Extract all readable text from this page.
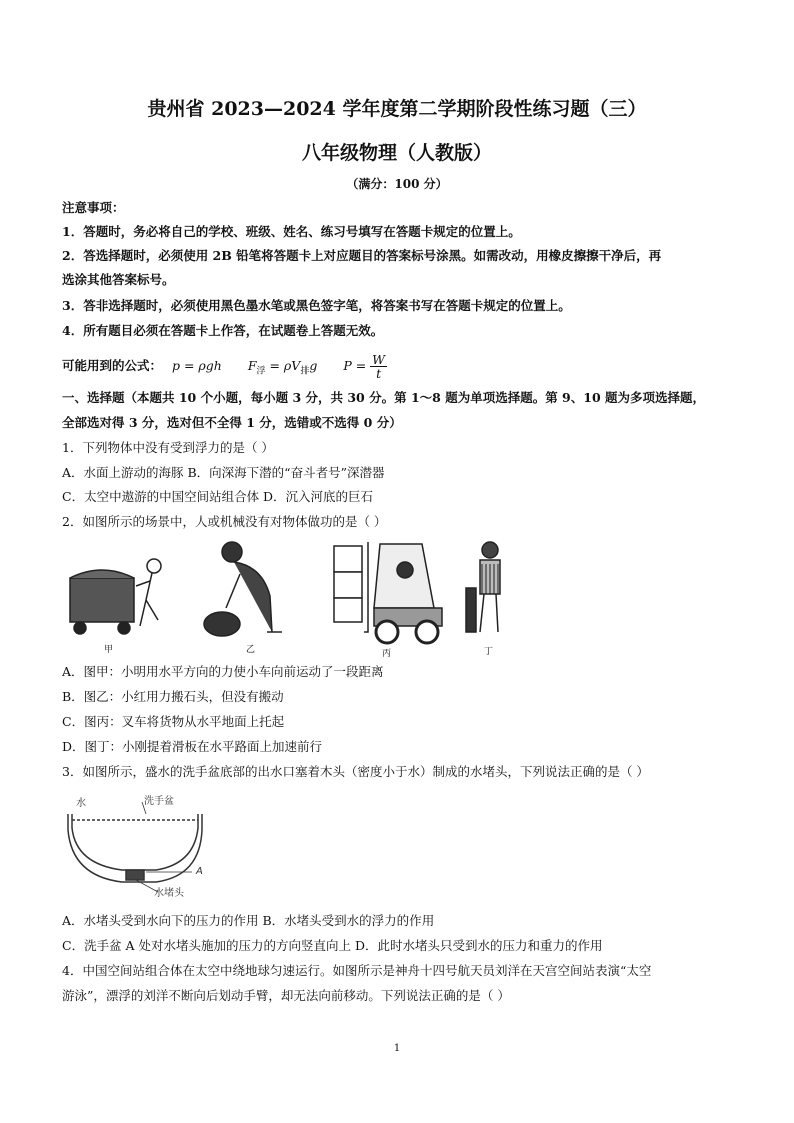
贵州省 2023—2024 学年度第二学期阶段性练习题（三）
八年级物理（人教版）
（满分：100 分）
注意事项：
1．答题时，务必将自己的学校、班级、姓名、练习号填写在答题卡规定的位置上。
2．答选择题时，必须使用 2B 铅笔将答题卡上对应题目的答案标号涂黑。如需改动，用橡皮擦擦干净后，再
选涂其他答案标号。
3．答非选择题时，必须使用黑色墨水笔或黑色签字笔，将答案书写在答题卡规定的位置上。
4．所有题目必须在答题卡上作答，在试题卷上答题无效。
可能用到的公式： p = ρgh $F_浮 = \rho V_排g$ $P = \frac{W}{t}$
一、选择题（本题共 10 个小题，每小题 3 分，共 30 分。第 1～8 题为单项选择题。第 9、10 题为多项选择题，
全部选对得 3 分，选对但不全得 1 分，选错或不选得 0 分）
1．下列物体中没有受到浮力的是（ ）
A．水面上游动的海豚 B．向深海下潜的“奋斗者号”深潜器
C．太空中遨游的中国空间站组合体 D．沉入河底的巨石
2．如图所示的场景中，人或机械没有对物体做功的是（ ）
甲	乙	丙	丁
A．图甲：小明用水平方向的力使小车向前运动了一段距离
B．图乙：小红用力搬石头，但没有搬动
C．图丙：叉车将货物从水平地面上托起
D．图丁：小刚提着滑板在水平路面上加速前行
3．如图所示，盛水的洗手盆底部的出水口塞着木头（密度小于水）制成的水堵头，下列说法正确的是（ ）
水	洗手盆
A
水堵头
A．水堵头受到水向下的压力的作用 B．水堵头受到水的浮力的作用
C．洗手盆 A 处对水堵头施加的压力的方向竖直向上 D．此时水堵头只受到水的压力和重力的作用
4．中国空间站组合体在太空中绕地球匀速运行。如图所示是神舟十四号航天员刘洋在天宫空间站表演“太空
游泳”，漂浮的刘洋不断向后划动手臂，却无法向前移动。下列说法正确的是（ ）
1
